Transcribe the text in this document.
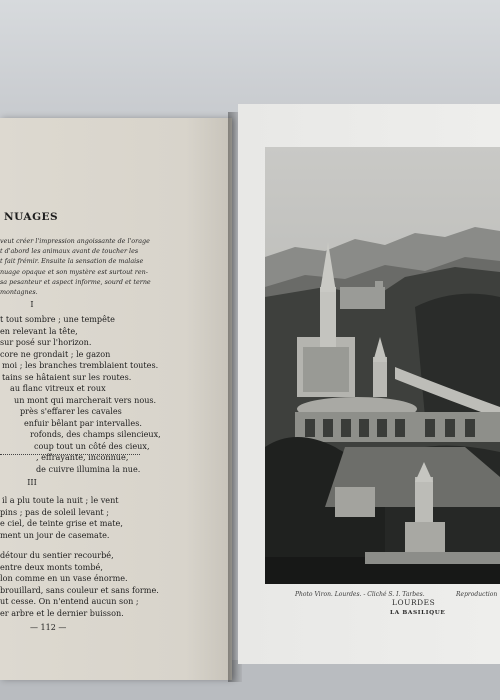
NUAGES
veut créer l'impression angoissante de l'orage
t d'abord les animaux avant de toucher les
t fait frémir. Ensuite la sensation de malaise
nuage opaque et son mystère est surtout ren-
sa pesanteur et aspect informe, sourd et terne
montagnes.
I
t tout sombre ; une tempête
en relevant la tête,
sur posé sur l'horizon.
core ne grondait ; le gazon
moi ; les branches tremblaient toutes.
tains se hâtaient sur les routes.
au flanc vitreux et roux
un mont qui marcherait vers nous.
près s'effarer les cavales
enfuir bêlant par intervalles.
rofonds, des champs silencieux,
coup tout un côté des cieux,
, effrayante, inconnue,
de cuivre illumina la nue.
III
il a plu toute la nuit ; le vent
pins ; pas de soleil levant ;
e ciel, de teinte grise et mate,
ment un jour de casemate.
détour du sentier recourbé,
entre deux monts tombé,
lon comme en un vase énorme.
brouillard, sans couleur et sans forme.
ut cesse. On n'entend aucun son ;
er arbre et le dernier buisson.
— 112 —
Photo Viron. Lourdes. - Cliché S. I. Tarbes.	Reproduction
LOURDES
LA BASILIQUE
